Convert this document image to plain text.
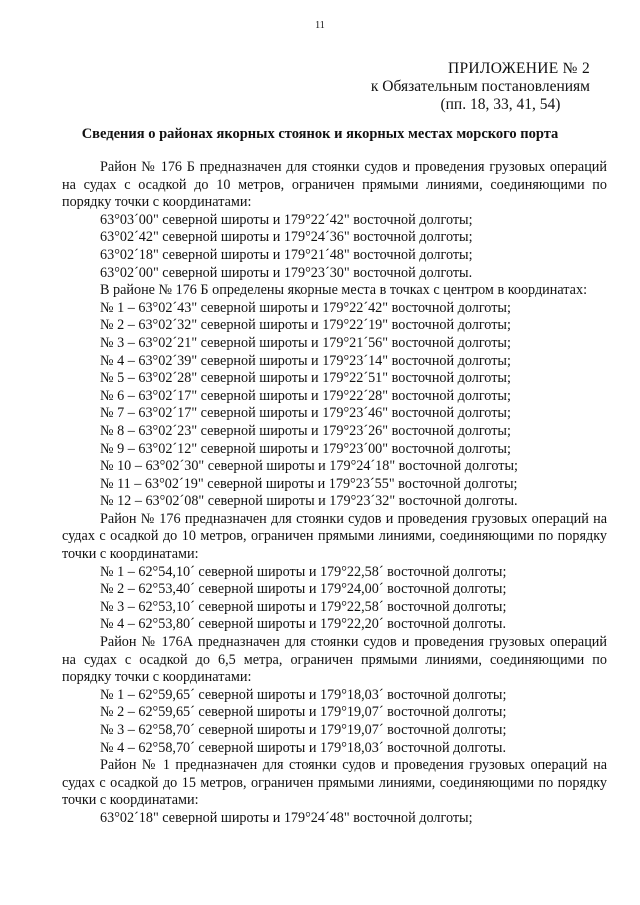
11
ПРИЛОЖЕНИЕ № 2
к Обязательным постановлениям
(пп. 18, 33, 41, 54)
Сведения о районах якорных стоянок и якорных местах морского порта

Район № 176 Б предназначен для стоянки судов и проведения грузовых операций на судах с осадкой до 10 метров, ограничен прямыми линиями, соединяющими по порядку точки с координатами:

63°03´00" северной широты и 179°22´42" восточной долготы;
63°02´42" северной широты и 179°24´36" восточной долготы;
63°02´18" северной широты и 179°21´48" восточной долготы;
63°02´00" северной широты и 179°23´30" восточной долготы.

В районе № 176 Б определены якорные места в точках с центром в координатах:

№ 1 – 63°02´43" северной широты и 179°22´42" восточной долготы;
№ 2 – 63°02´32" северной широты и 179°22´19" восточной долготы;
№ 3 – 63°02´21" северной широты и 179°21´56" восточной долготы;
№ 4 – 63°02´39" северной широты и 179°23´14" восточной долготы;
№ 5 – 63°02´28" северной широты и 179°22´51" восточной долготы;
№ 6 – 63°02´17" северной широты и 179°22´28" восточной долготы;
№ 7 – 63°02´17" северной широты и 179°23´46" восточной долготы;
№ 8 – 63°02´23" северной широты и 179°23´26" восточной долготы;
№ 9 – 63°02´12" северной широты и 179°23´00" восточной долготы;
№ 10 – 63°02´30" северной широты и 179°24´18" восточной долготы;
№ 11 – 63°02´19" северной широты и 179°23´55" восточной долготы;
№ 12 – 63°02´08" северной широты и 179°23´32" восточной долготы.

Район № 176 предназначен для стоянки судов и проведения грузовых операций на судах с осадкой до 10 метров, ограничен прямыми линиями, соединяющими по порядку точки с координатами:

№ 1 – 62°54,10´ северной широты и 179°22,58´ восточной долготы;
№ 2 – 62°53,40´ северной широты и 179°24,00´ восточной долготы;
№ 3 – 62°53,10´ северной широты и 179°22,58´ восточной долготы;
№ 4 – 62°53,80´ северной широты и 179°22,20´ восточной долготы.

Район № 176А предназначен для стоянки судов и проведения грузовых операций на судах с осадкой до 6,5 метра, ограничен прямыми линиями, соединяющими по порядку точки с координатами:

№ 1 – 62°59,65´ северной широты и 179°18,03´ восточной долготы;
№ 2 – 62°59,65´ северной широты и 179°19,07´ восточной долготы;
№ 3 – 62°58,70´ северной широты и 179°19,07´ восточной долготы;
№ 4 – 62°58,70´ северной широты и 179°18,03´ восточной долготы.

Район № 1 предназначен для стоянки судов и проведения грузовых операций на судах с осадкой до 15 метров, ограничен прямыми линиями, соединяющими по порядку точки с координатами:

63°02´18" северной широты и 179°24´48" восточной долготы;
